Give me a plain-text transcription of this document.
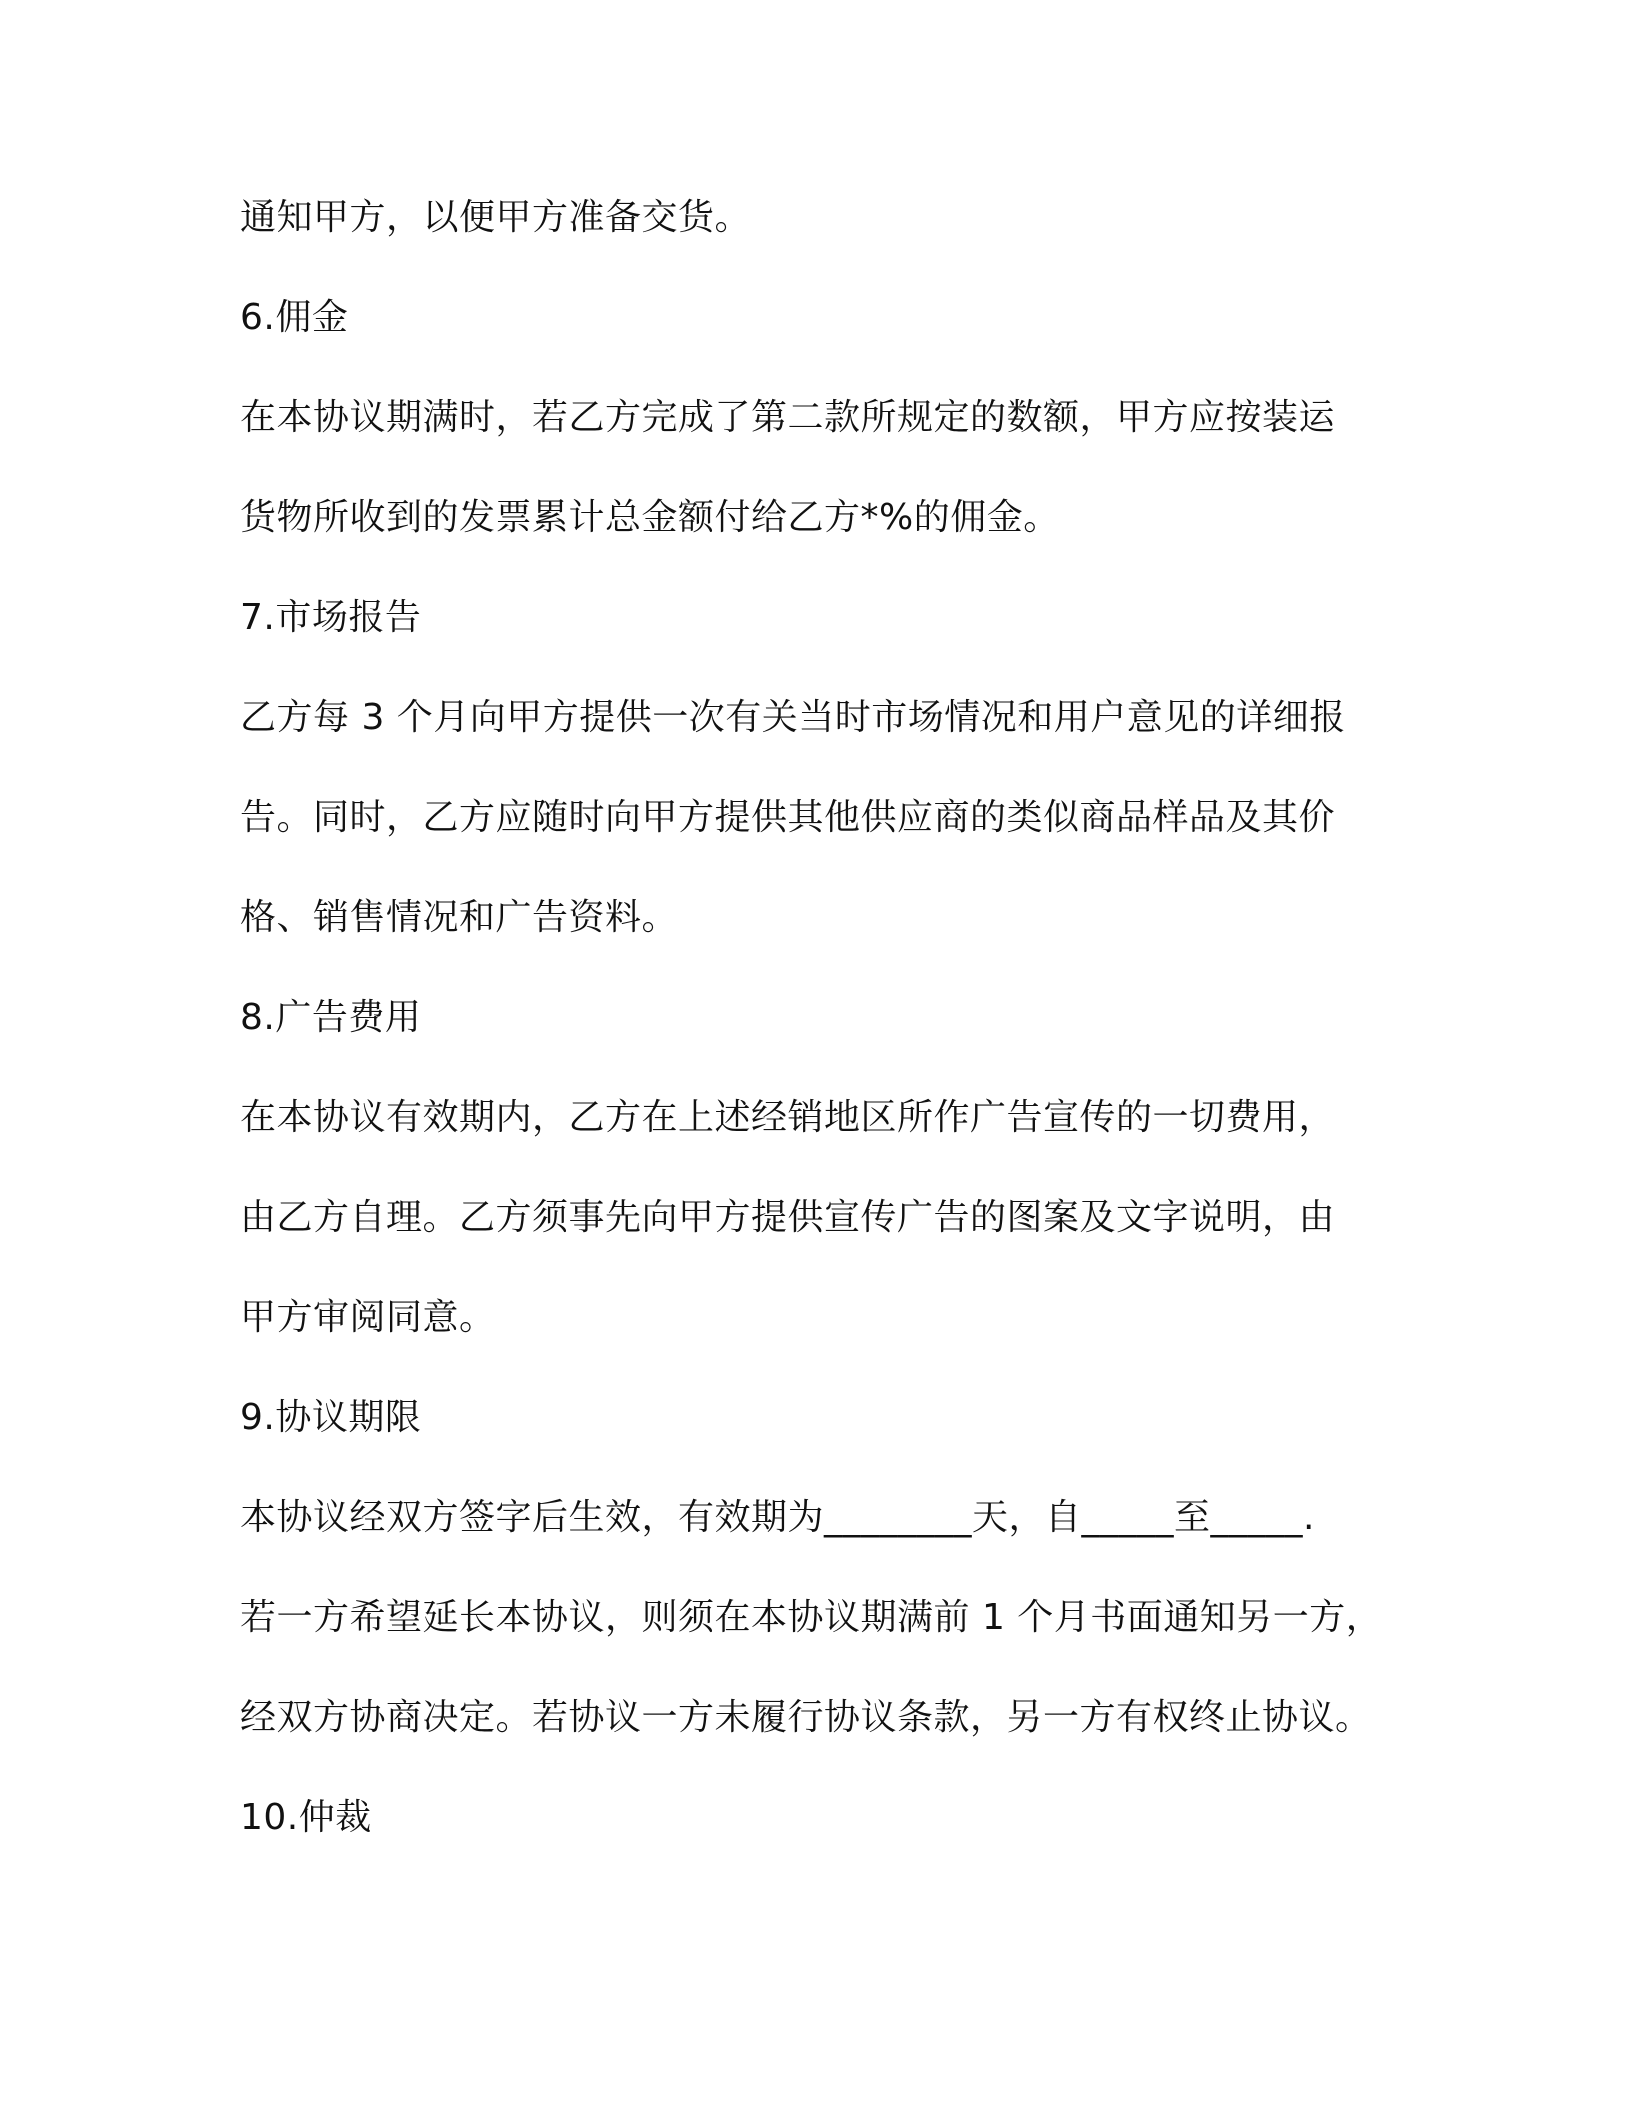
通知甲方，以便甲方准备交货。
6.佣金
在本协议期满时，若乙方完成了第二款所规定的数额，甲方应按装运
货物所收到的发票累计总金额付给乙方*%的佣金。
7.市场报告
乙方每 3 个月向甲方提供一次有关当时市场情况和用户意见的详细报
告。同时，乙方应随时向甲方提供其他供应商的类似商品样品及其价
格、销售情况和广告资料。
8.广告费用
在本协议有效期内，乙方在上述经销地区所作广告宣传的一切费用，
由乙方自理。乙方须事先向甲方提供宣传广告的图案及文字说明，由
甲方审阅同意。
9.协议期限
本协议经双方签字后生效，有效期为________天，自_____至_____.
若一方希望延长本协议，则须在本协议期满前 1 个月书面通知另一方，
经双方协商决定。若协议一方未履行协议条款，另一方有权终止协议。
10.仲裁
